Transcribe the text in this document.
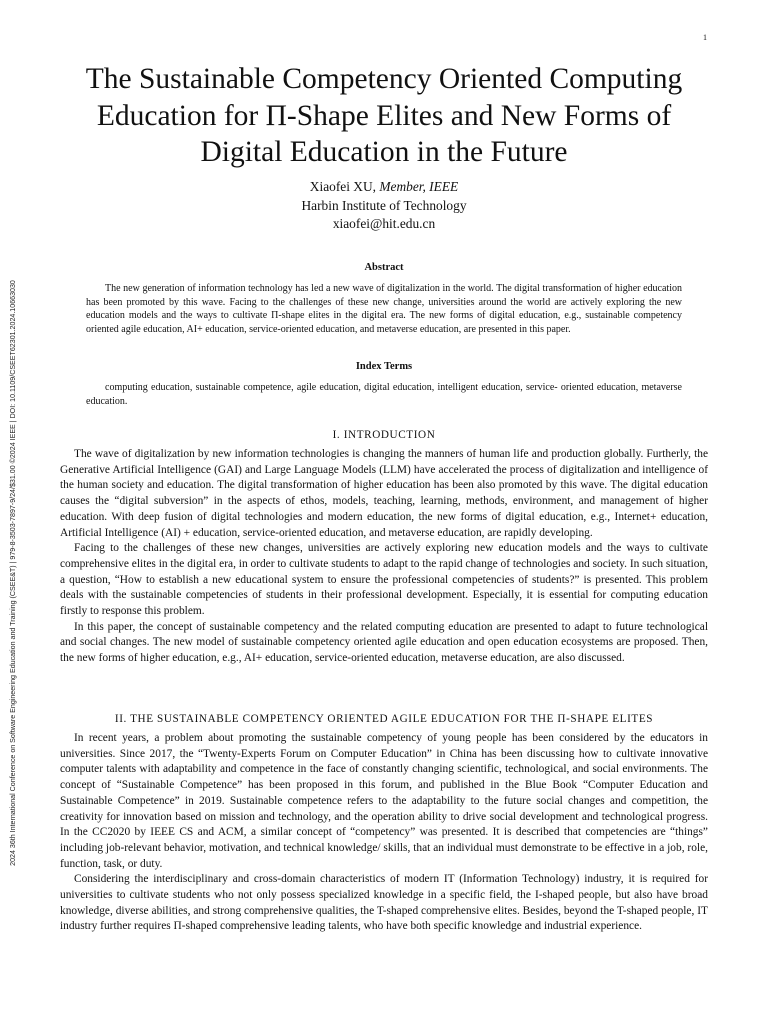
1
2024 36th International Conference on Software Engineering Education and Training (CSEE&T) | 979-8-3503-7897-9/24/$31.00 ©2024 IEEE | DOI: 10.1109/CSEET62301.2024.10663030
The Sustainable Competency Oriented Computing Education for Π-Shape Elites and New Forms of Digital Education in the Future
Xiaofei XU, Member, IEEE
Harbin Institute of Technology
xiaofei@hit.edu.cn
Abstract

The new generation of information technology has led a new wave of digitalization in the world. The digital transformation of higher education has been promoted by this wave. Facing to the challenges of these new change, universities around the world are actively exploring the new education models and the ways to cultivate Π-shape elites in the digital era. The new forms of digital education, e.g., sustainable competency oriented agile education, AI+ education, service-oriented education, and metaverse education, are presented in this paper.

Index Terms

computing education, sustainable competence, agile education, digital education, intelligent education, service- oriented education, metaverse education.

I. INTRODUCTION

The wave of digitalization by new information technologies is changing the manners of human life and production globally. Furtherly, the Generative Artificial Intelligence (GAI) and Large Language Models (LLM) have accelerated the process of digitalization and intelligence of the human society and education. The digital transformation of higher education has been also promoted by this wave. The digital education causes the “digital subversion” in the aspects of ethos, models, teaching, learning, methods, environment, and management of higher education. With deep fusion of digital technologies and modern education, the new forms of digital education, e.g., Internet+ education, Artificial Intelligence (AI) + education, service-oriented education, and metaverse education, are rapidly developing.

Facing to the challenges of these new changes, universities are actively exploring new education models and the ways to cultivate comprehensive elites in the digital era, in order to cultivate students to adapt to the rapid change of technologies and society. In such situation, a question, “How to establish a new educational system to ensure the professional competencies of students?” is presented. This problem deals with the sustainable competencies of students in their professional development. Especially, it is essential for computing education firstly to response this problem.

In this paper, the concept of sustainable competency and the related computing education are presented to adapt to future technological and social changes. The new model of sustainable competency oriented agile education and open education ecosystems are proposed. Then, the new forms of higher education, e.g., AI+ education, service-oriented education, metaverse education, are also discussed.

II. THE SUSTAINABLE COMPETENCY ORIENTED AGILE EDUCATION FOR THE Π-SHAPE ELITES

In recent years, a problem about promoting the sustainable competency of young people has been considered by the educators in universities. Since 2017, the “Twenty-Experts Forum on Computer Education” in China has been discussing how to cultivate innovative computer talents with adaptability and competence in the face of constantly changing scientific, technological, and social environments. The concept of “Sustainable Competence” has been proposed in this forum, and published in the Blue Book “Computer Education and Sustainable Competence” in 2019. Sustainable competence refers to the adaptability to the future social changes and competition, the creativity for innovation based on mission and technology, and the operation ability to drive social development and technological progress. In the CC2020 by IEEE CS and ACM, a similar concept of “competency” was presented. It is described that competencies are “things” including job-relevant behavior, motivation, and technical knowledge/ skills, that an individual must demonstrate to be effective in a job, role, function, task, or duty.

Considering the interdisciplinary and cross-domain characteristics of modern IT (Information Technology) industry, it is required for universities to cultivate students who not only possess specialized knowledge in a specific field, the I-shaped people, but also have broad knowledge, diverse abilities, and strong comprehensive qualities, the T-shaped comprehensive elites. Besides, beyond the T-shaped people, IT industry further requires Π-shaped comprehensive leading talents, who have both specific knowledge and industrial experience.
